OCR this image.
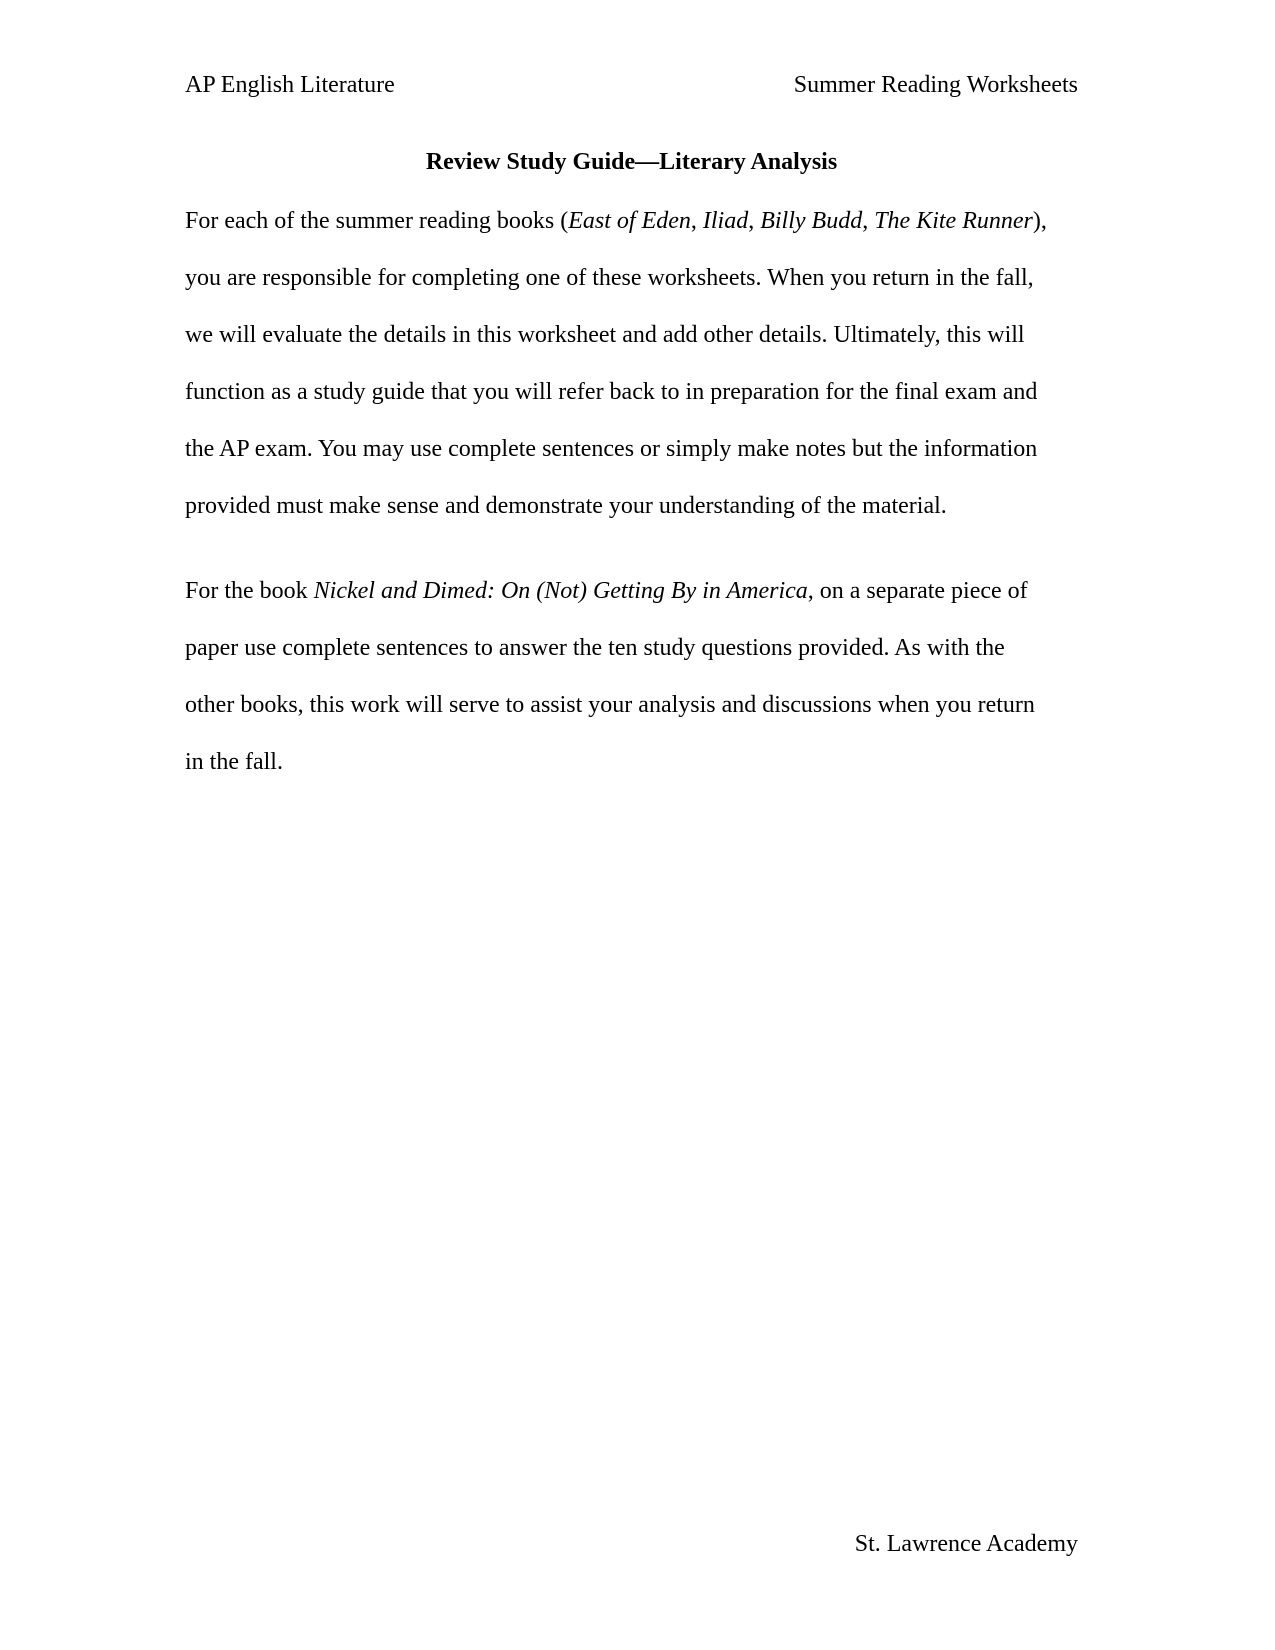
AP English Literature	Summer Reading Worksheets
Review Study Guide—Literary Analysis
For each of the summer reading books (East of Eden, Iliad, Billy Budd, The Kite Runner),
you are responsible for completing one of these worksheets. When you return in the fall,
we will evaluate the details in this worksheet and add other details. Ultimately, this will
function as a study guide that you will refer back to in preparation for the final exam and
the AP exam. You may use complete sentences or simply make notes but the information
provided must make sense and demonstrate your understanding of the material.
For the book Nickel and Dimed: On (Not) Getting By in America, on a separate piece of
paper use complete sentences to answer the ten study questions provided. As with the
other books, this work will serve to assist your analysis and discussions when you return
in the fall.
St. Lawrence Academy
